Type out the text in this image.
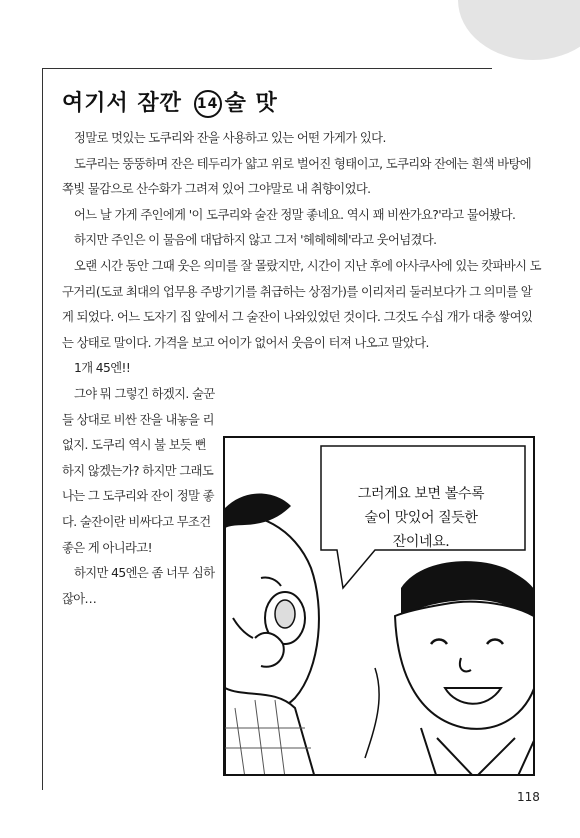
여기서 잠깐 14 술 맛

정말로 멋있는 도쿠리와 잔을 사용하고 있는 어떤 가게가 있다.

도쿠리는 뚱뚱하며 잔은 테두리가 얇고 위로 벌어진 형태이고, 도쿠리와 잔에는 흰색 바탕에 쪽빛 물감으로 산수화가 그려져 있어 그야말로 내 취향이었다.

어느 날 가게 주인에게 '이 도쿠리와 술잔 정말 좋네요. 역시 꽤 비싼가요?'라고 물어봤다.

하지만 주인은 이 물음에 대답하지 않고 그저 '헤헤헤헤'라고 웃어넘겼다.

오랜 시간 동안 그때 웃은 의미를 잘 몰랐지만, 시간이 지난 후에 아사쿠사에 있는 캇파바시 도구거리(도쿄 최대의 업무용 주방기기를 취급하는 상점가)를 이리저리 둘러보다가 그 의미를 알게 되었다. 어느 도자기 집 앞에서 그 술잔이 나와있었던 것이다. 그것도 수십 개가 대충 쌓여있는 상태로 말이다. 가격을 보고 어이가 없어서 웃음이 터져 나오고 말았다.

1개 45엔!!

그야 뭐 그렇긴 하겠지. 술꾼들 상대로 비싼 잔을 내놓을 리 없지. 도쿠리 역시 불 보듯 뻔하지 않겠는가? 하지만 그래도 나는 그 도쿠리와 잔이 정말 좋다. 술잔이란 비싸다고 무조건 좋은 게 아니라고!

하지만 45엔은 좀 너무 심하잖아…

그러게요 보면 볼수록
술이 맛있어 질듯한
잔이네요.
118
